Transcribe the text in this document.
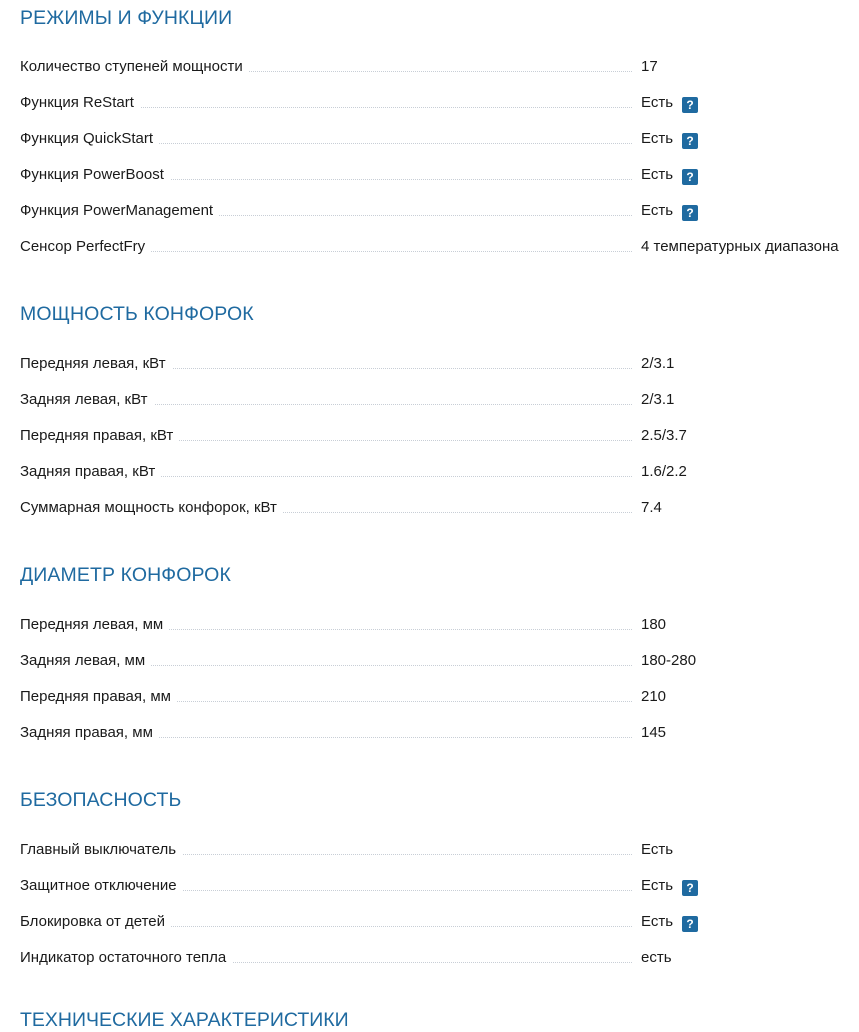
РЕЖИМЫ И ФУНКЦИИ
Количество ступеней мощности	17
Функция ReStart	Есть ?
Функция QuickStart	Есть ?
Функция PowerBoost	Есть ?
Функция PowerManagement	Есть ?
Сенсор PerfectFry	4 температурных диапазона
МОЩНОСТЬ КОНФОРОК
Передняя левая, кВт	2/3.1
Задняя левая, кВт	2/3.1
Передняя правая, кВт	2.5/3.7
Задняя правая, кВт	1.6/2.2
Суммарная мощность конфорок, кВт	7.4
ДИАМЕТР КОНФОРОК
Передняя левая, мм	180
Задняя левая, мм	180-280
Передняя правая, мм	210
Задняя правая, мм	145
БЕЗОПАСНОСТЬ
Главный выключатель	Есть
Защитное отключение	Есть ?
Блокировка от детей	Есть ?
Индикатор остаточного тепла	есть
ТЕХНИЧЕСКИЕ ХАРАКТЕРИСТИКИ
